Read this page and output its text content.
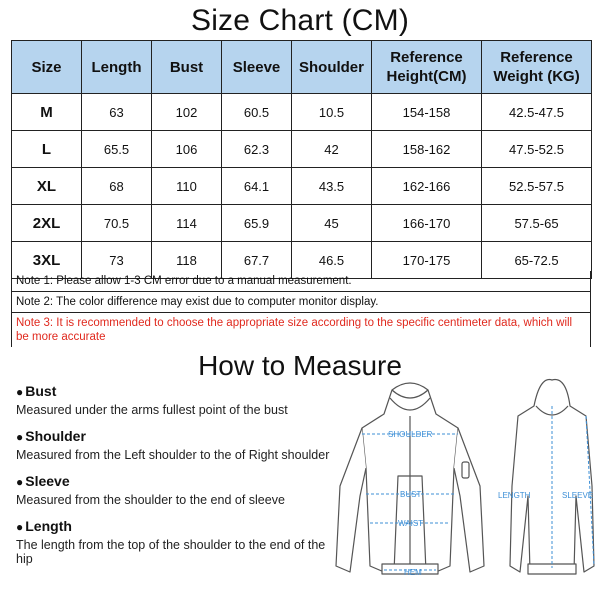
Size Chart (CM)
Size	Length	Bust	Sleeve	Shoulder	Reference Height(CM)	Reference Weight (KG)
M	63	102	60.5	10.5	154-158	42.5-47.5
L	65.5	106	62.3	42	158-162	47.5-52.5
XL	68	110	64.1	43.5	162-166	52.5-57.5
2XL	70.5	114	65.9	45	166-170	57.5-65
3XL	73	118	67.7	46.5	170-175	65-72.5
Note 1: Please allow 1-3 CM error due to a manual measurement.
Note 2: The color difference may exist due to computer monitor display.
Note 3: It is recommended to choose the appropriate size according to the specific centimeter data, which will be more accurate
How to Measure
● Bust
Measured under the arms fullest point of the bust
● Shoulder
Measured from the Left shoulder to the of Right shoulder
● Sleeve
Measured from the shoulder to the end of sleeve
● Length
The length from the top of the shoulder to the end of the hip
SHOULDER
BUST
WAIST
HEM
LENGTH	SLEEVE
